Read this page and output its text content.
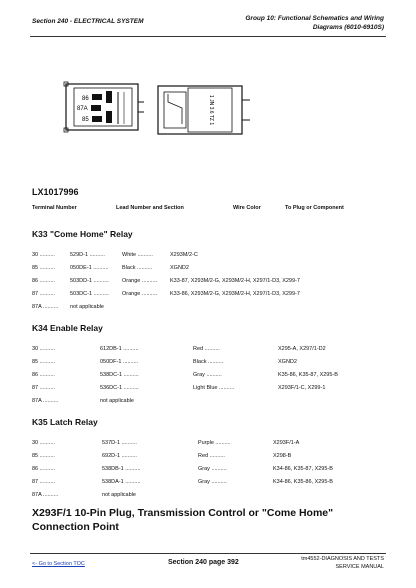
Section 240 - ELECTRICAL SYSTEM	Group 10: Functional Schematics and Wiring
Diagrams (6010-6910S)
86
87A
85	1 JN 3.6 TZ 1
LX1017996
Terminal Number	Lead Number and Section	Wire Color	To Plug or Component
K33 "Come Home" Relay
30 ..........	529D-1 ..........	White ..........	X293M/2-C
85 ..........	050DE-1 .......... Black ..........	XGND2
86 ..........	503DD-1 .......... Orange .......... K33-87, X293M/2-G, X293M/2-H, X297/1-D3, X299-7
87 ..........	503DC-1 .......... Orange .......... K33-86, X293M/2-G, X293M/2-H, X297/1-D3, X299-7
87A .......... not applicable
K34 Enable Relay
30 ..........	612DB-1 ..........	Red ..........	X295-A, X297/1-D2
85 ..........	050DF-1 ..........	Black ..........	XGND2
86 ..........	538DC-1 ..........	Gray ..........	K35-86, K35-87, X295-B
87 ..........	536DC-1 ..........	Light Blue ..........	X293F/1-C, X299-1
87A ..........	not applicable
K35 Latch Relay
30 ..........	537D-1 ..........	Purple ..........	X293F/1-A
85 ..........	692D-1 ..........	Red ..........	X298-B
86 ..........	538DB-1 ..........	Gray ..........	K34-86, K35-87, X295-B
87 ..........	538DA-1 ..........	Gray ..........	K34-86, K35-86, X295-B
87A ..........	not applicable
X293F/1 10-Pin Plug, Transmission Control or "Come Home" Connection Point
<- Go to Section TOC	Section 240 page 392	tm4552-DIAGNOSIS AND TESTS
SERVICE MANUAL
